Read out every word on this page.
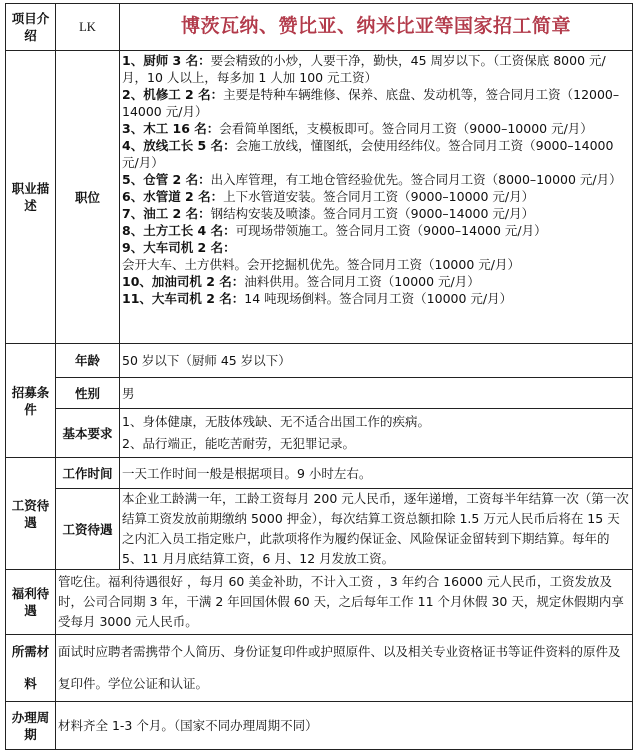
项目介绍	LK	博茨瓦纳、赞比亚、纳米比亚等国家招工简章
职业描述	职位	
1、厨师 3 名：要会精致的小炒，人要干净，勤快，45 周岁以下。（工资保底 8000 元/月，10 人以上，每多加 1 人加 100 元工资）
2、机修工 2 名：主要是特种车辆维修、保养、底盘、发动机等，签合同月工资（12000–14000 元/月）
3、木工 16 名：会看简单图纸，支模板即可。签合同月工资（9000–10000 元/月）
4、放线工长 5 名：会施工放线，懂图纸，会使用经纬仪。签合同月工资（9000–14000 元/月）
5、仓管 2 名：出入库管理，有工地仓管经验优先。签合同月工资（8000–10000 元/月）
6、水管道 2 名：上下水管道安装。签合同月工资（9000–10000 元/月）
7、油工 2 名：钢结构安装及喷漆。签合同月工资（9000–14000 元/月）
8、土方工长 4 名：可现场带领施工。签合同月工资（9000–14000 元/月）
9、大车司机 2 名：会开大车、土方供料。会开挖掘机优先。签合同月工资（10000 元/月）
10、加油司机 2 名：油料供用。签合同月工资（10000 元/月）
11、大车司机 2 名：14 吨现场倒料。签合同月工资（10000 元/月）

招募条件	年龄	50 岁以下（厨师 45 岁以下）
	性别	男
	基本要求	1、身体健康，无肢体残缺、无不适合出国工作的疾病。
2、品行端正，能吃苦耐劳，无犯罪记录。

工资待遇	工作时间	一天工作时间一般是根据项目。9 小时左右。
	工资待遇	本企业工龄满一年，工龄工资每月 200 元人民币，逐年递增，工资每半年结算一次（第一次结算工资发放前期缴纳 5000 押金），每次结算工资总额扣除 1.5 万元人民币后将在 15 天之内汇入员工指定账户，此款项将作为履约保证金、风险保证金留转到下期结算。每年的 5、11 月月底结算工资，6 月、12 月发放工资。

福利待遇	管吃住。福利待遇很好 ，每月 60 美金补助，不计入工资 ，3 年约合 16000 元人民币，工资发放及时，公司合同期 3 年，干满 2 年回国休假 60 天，之后每年工作 11 个月休假 30 天，规定休假期内享受每月 3000 元人民币。	

所需材料	面试时应聘者需携带个人简历、身份证复印件或护照原件、以及相关专业资格证书等证件资料的原件及复印件。学位公证和认证。	

办理周期	材料齐全 1-3 个月。（国家不同办理周期不同）	
